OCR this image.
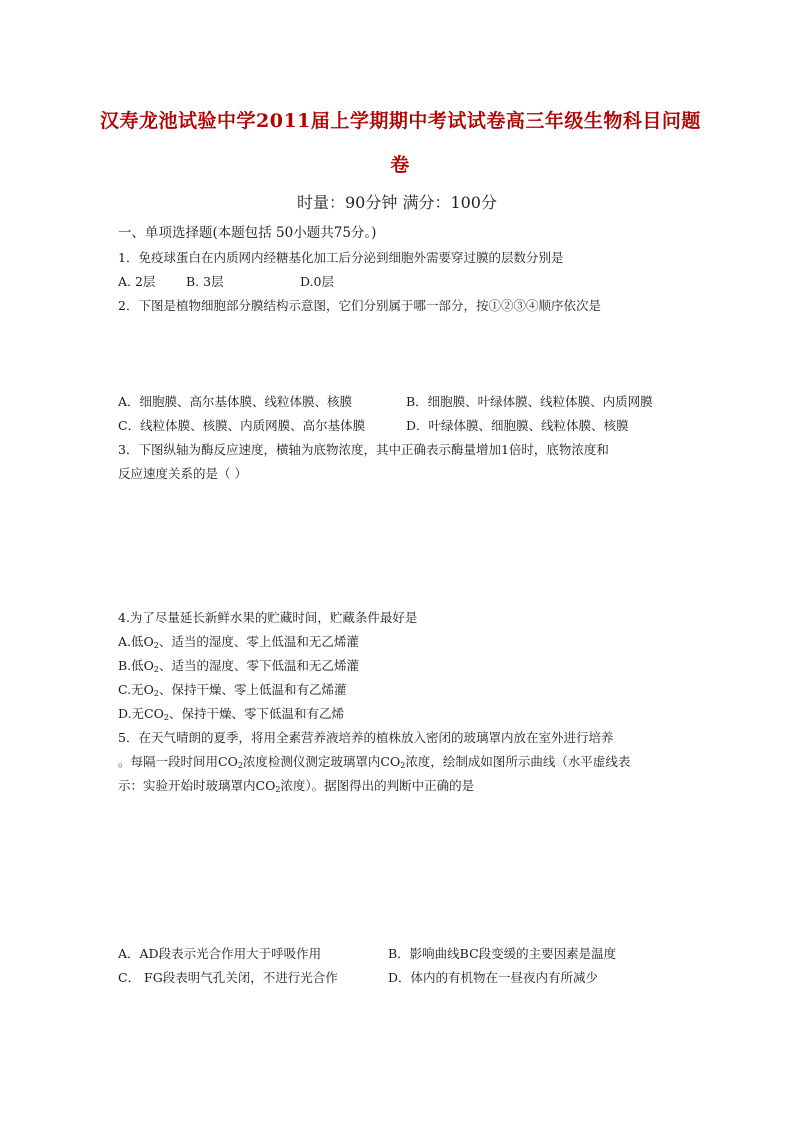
汉寿龙池试验中学2011届上学期期中考试试卷高三年级生物科目问题
卷
时量：90分钟 满分：100分
一、单项选择题(本题包括 50小题共75分。)
1．免疫球蛋白在内质网内经糖基化加工后分泌到细胞外需要穿过膜的层数分别是
A. 2层 B. 3层	D.0层
2．下图是植物细胞部分膜结构示意图，它们分别属于哪一部分，按①②③④顺序依次是
A．细胞膜、高尔基体膜、线粒体膜、核膜	B．细胞膜、叶绿体膜、线粒体膜、内质网膜
C．线粒体膜、核膜、内质网膜、高尔基体膜	D．叶绿体膜、细胞膜、线粒体膜、核膜
3．下图纵轴为酶反应速度，横轴为底物浓度，其中正确表示酶量增加1倍时，底物浓度和
反应速度关系的是（ ）
4.为了尽量延长新鲜水果的贮藏时间，贮藏条件最好是
A.低$O_2$、适当的湿度、零上低温和无乙烯灌
B.低$O_2$、适当的湿度、零下低温和无乙烯灌
C.无$O_2$、保持干燥、零上低温和有乙烯灌
D.无$CO_2$、保持干燥、零下低温和有乙烯
5．在天气晴朗的夏季，将用全素营养液培养的植株放入密闭的玻璃罩内放在室外进行培养
。每隔一段时间用$CO_2$浓度检测仪测定玻璃罩内$CO_2$浓度，绘制成如图所示曲线（水平虚线表
示：实验开始时玻璃罩内$CO_2$浓度）。据图得出的判断中正确的是
A．AD段表示光合作用大于呼吸作用	B．影响曲线BC段变缓的主要因素是温度
C． FG段表明气孔关闭，不进行光合作	D．体内的有机物在一昼夜内有所减少
